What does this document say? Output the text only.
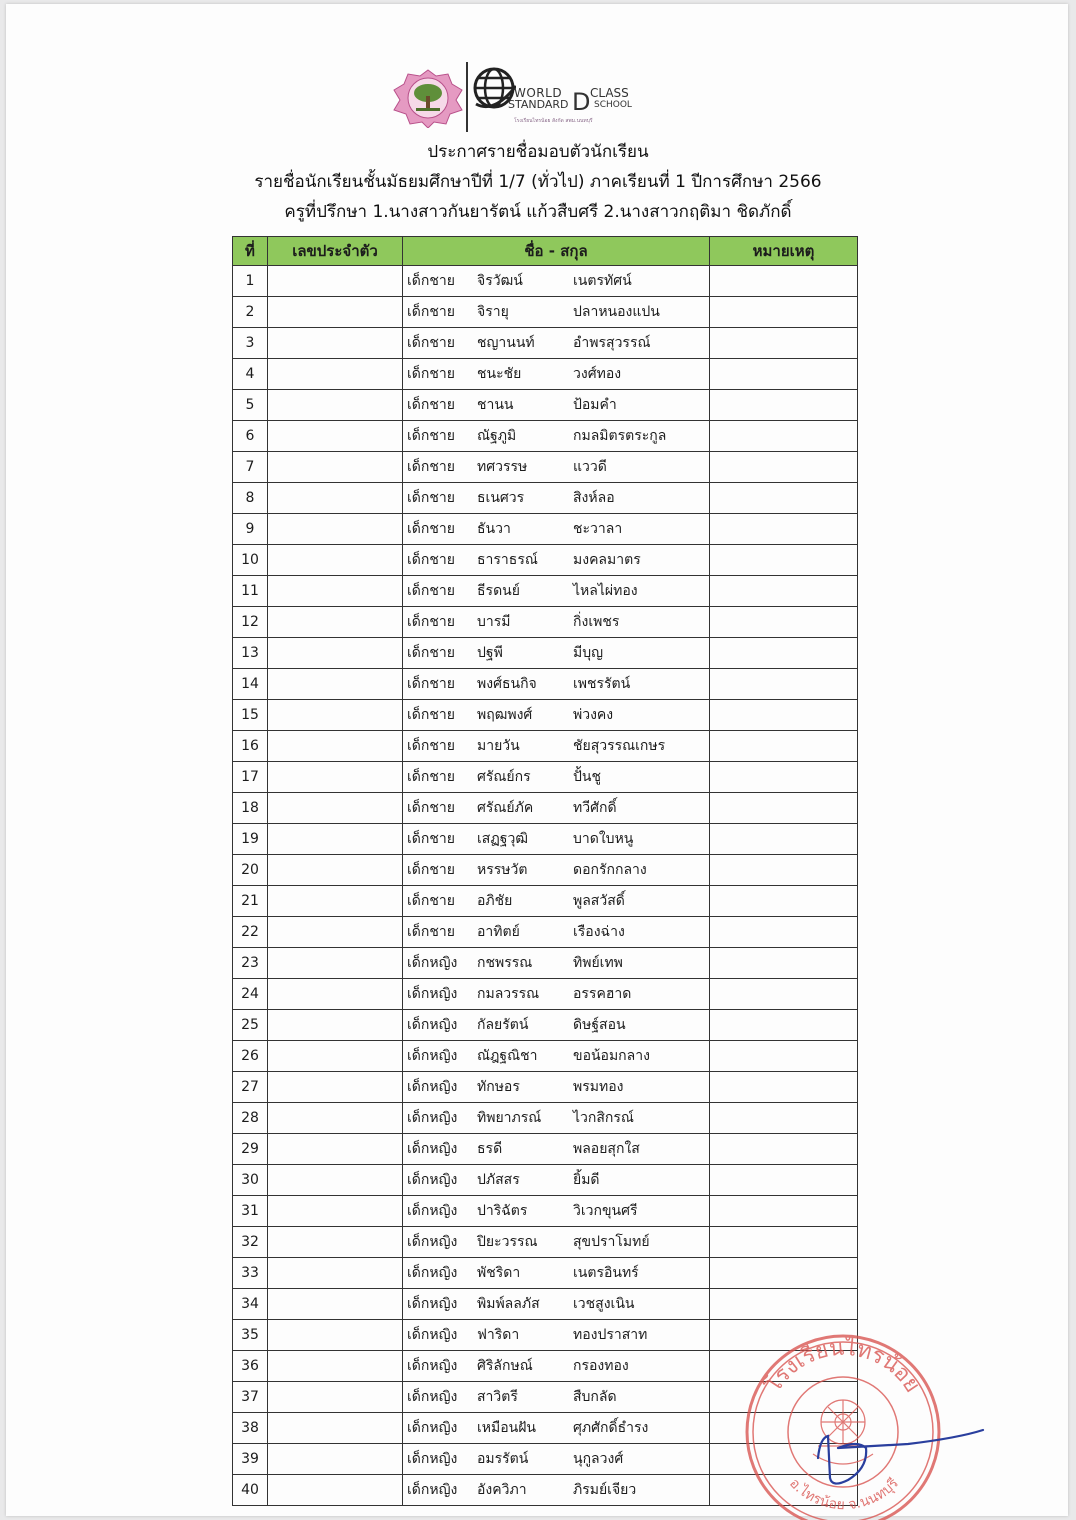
WORLD D CLASS
STANDARD	SCHOOL
โรงเรียนไทรน้อย สังกัด สพม.นนทบุรี
ประกาศรายชื่อมอบตัวนักเรียน
รายชื่อนักเรียนชั้นมัธยมศึกษาปีที่ 1/7 (ทั่วไป) ภาคเรียนที่ 1 ปีการศึกษา 2566
ครูที่ปรึกษา 1.นางสาวกันยารัตน์ แก้วสืบศรี 2.นางสาวกฤติมา ชิดภักดิ์
ที่	เลขประจำตัว	ชื่อ - สกุล	หมายเหตุ
1		เด็กชาย จิรวัฒน์ เนตรทัศน์	

2		เด็กชาย จิรายุ ปลาหนองแปน	

3		เด็กชาย ชญานนท์ อำพรสุวรรณ์	

4		เด็กชาย ชนะชัย วงศ์ทอง	

5		เด็กชาย ชานน ป้อมคำ	

6		เด็กชาย ณัฐภูมิ กมลมิตรตระกูล	

7		เด็กชาย ทศวรรษ แววดี	

8		เด็กชาย ธเนศวร สิงห์ลอ	

9		เด็กชาย ธันวา ชะวาลา	

10		เด็กชาย ธาราธรณ์ มงคลมาตร	

11		เด็กชาย ธีรดนย์ ไหลไผ่ทอง	

12		เด็กชาย บารมี กิ่งเพชร	

13		เด็กชาย ปฐพี มีบุญ	

14		เด็กชาย พงศ์ธนกิจ เพชรรัตน์	

15		เด็กชาย พฤฒพงศ์ พ่วงคง	

16		เด็กชาย มายวัน ชัยสุวรรณเกษร	

17		เด็กชาย ศรัณย์กร ปั้นชู	

18		เด็กชาย ศรัณย์ภัค ทวีศักดิ์	

19		เด็กชาย เสฏฐวุฒิ บาดใบหนู	

20		เด็กชาย หรรษวัต ดอกรักกลาง	

21		เด็กชาย อภิชัย พูลสวัสดิ์	

22		เด็กชาย อาทิตย์ เรืองฉ่าง	

23		เด็กหญิง กชพรรณ ทิพย์เทพ	

24		เด็กหญิง กมลวรรณ อรรคฮาด	

25		เด็กหญิง กัลยรัตน์ ดิษฐ์สอน	

26		เด็กหญิง ณัฎฐณิชา ขอน้อมกลาง	

27		เด็กหญิง ทักษอร พรมทอง	

28		เด็กหญิง ทิพยาภรณ์ ไวกสิกรณ์	

29		เด็กหญิง ธรดี พลอยสุกใส	

30		เด็กหญิง ปภัสสร ยิ้มดี	

31		เด็กหญิง ปาริฉัตร วิเวกขุนศรี	

32		เด็กหญิง ปิยะวรรณ สุขปราโมทย์	

33		เด็กหญิง พัชริดา เนตรอินทร์	

34		เด็กหญิง พิมพ์ลลภัส เวชสูงเนิน	

35		เด็กหญิง ฟาริดา ทองปราสาท	

36		เด็กหญิง ศิริลักษณ์ กรองทอง	

37		เด็กหญิง สาวิตรี สืบกลัด	

38		เด็กหญิง เหมือนฝัน ศุภศักดิ์ธำรง	

39		เด็กหญิง อมรรัตน์ นุกูลวงศ์	

40		เด็กหญิง อังควิภา ภิรมย์เจียว	

โรงเรียนไทรน้อย
อ.ไทรน้อย จ.นนทบุรี
